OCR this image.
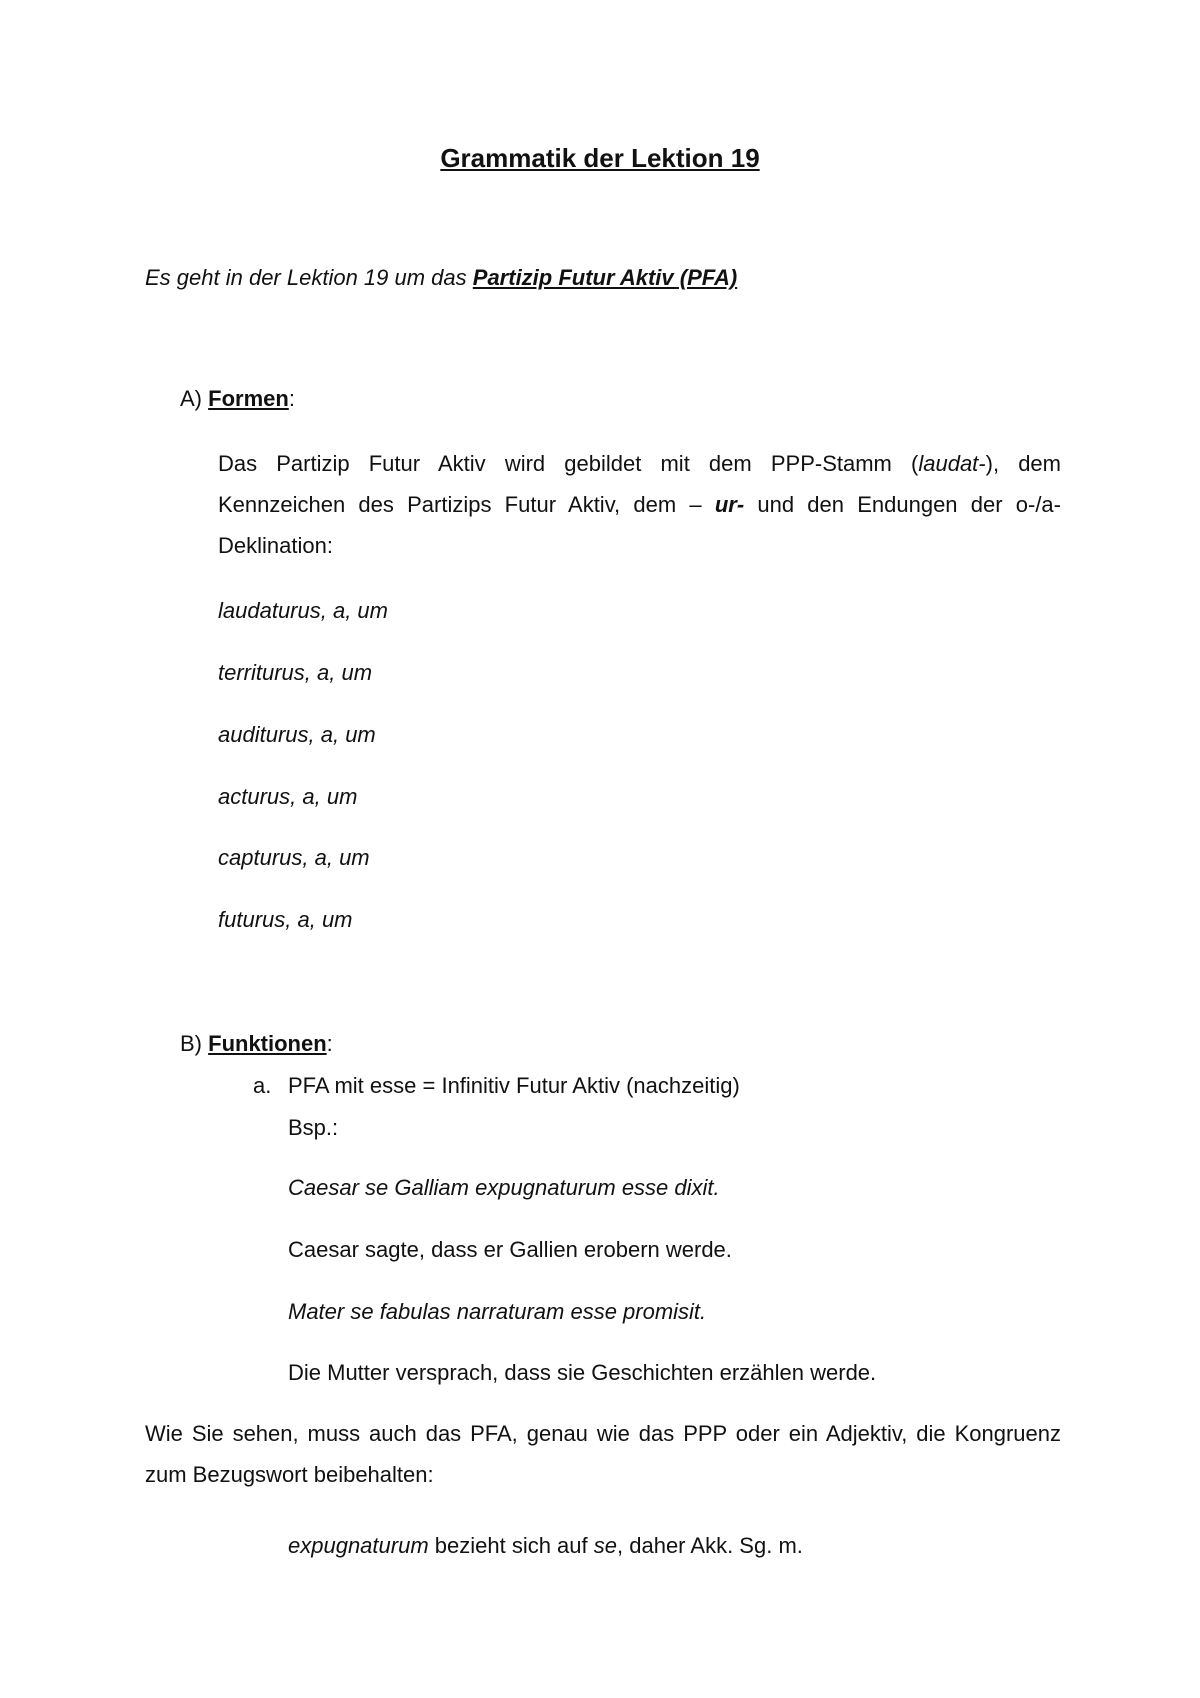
Grammatik der Lektion 19
Es geht in der Lektion 19 um das Partizip Futur Aktiv (PFA)
A) Formen:
Das Partizip Futur Aktiv wird gebildet mit dem PPP-Stamm (laudat-), dem Kennzeichen des Partizips Futur Aktiv, dem – ur- und den Endungen der o-/a-Deklination:
laudaturus, a, um
territurus, a, um
auditurus, a, um
acturus, a, um
capturus, a, um
futurus, a, um
B) Funktionen:
a. PFA mit esse = Infinitiv Futur Aktiv (nachzeitig)
Bsp.:
Caesar se Galliam expugnaturum esse dixit.
Caesar sagte, dass er Gallien erobern werde.
Mater se fabulas narraturam esse promisit.
Die Mutter versprach, dass sie Geschichten erzählen werde.
Wie Sie sehen, muss auch das PFA, genau wie das PPP oder ein Adjektiv, die Kongruenz zum Bezugswort beibehalten:
expugnaturum bezieht sich auf se, daher Akk. Sg. m.
